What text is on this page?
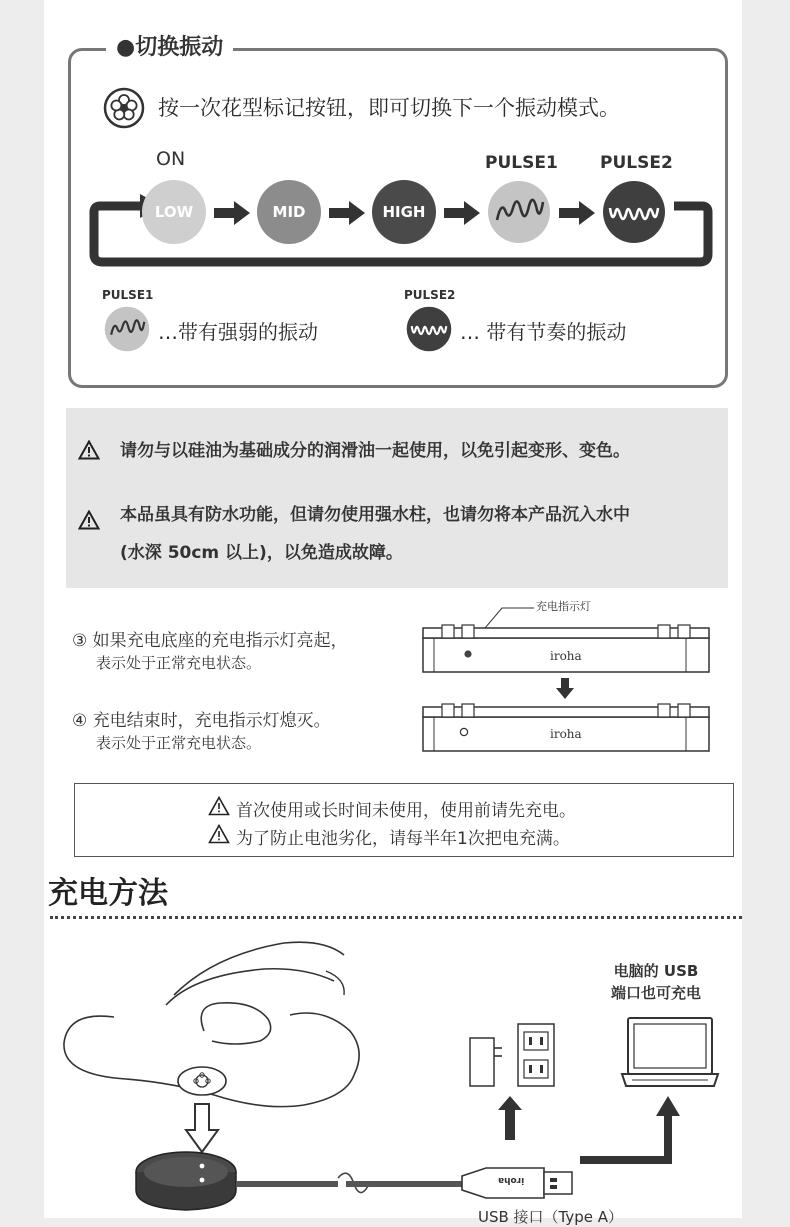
●切换振动
按一次花型标记按钮，即可切换下一个振动模式。
ON
LOW	MID	HIGH
PULSE1 PULSE2
PULSE1
…带有强弱的振动
PULSE2
… 带有节奏的振动
请勿与以硅油为基础成分的润滑油一起使用，以免引起变形、变色。
本品虽具有防水功能，但请勿使用强水柱，也请勿将本产品沉入水中
(水深 50cm 以上)，以免造成故障。
③ 如果充电底座的充电指示灯亮起，
表示处于正常充电状态。
④ 充电结束时，充电指示灯熄灭。
表示处于正常充电状态。
充电指示灯
iroha
iroha
首次使用或长时间未使用，使用前请先充电。
为了防止电池劣化，请每半年1次把电充满。
充电方法
iroha
电脑的 USB
端口也可充电
USB 接口（Type A）
